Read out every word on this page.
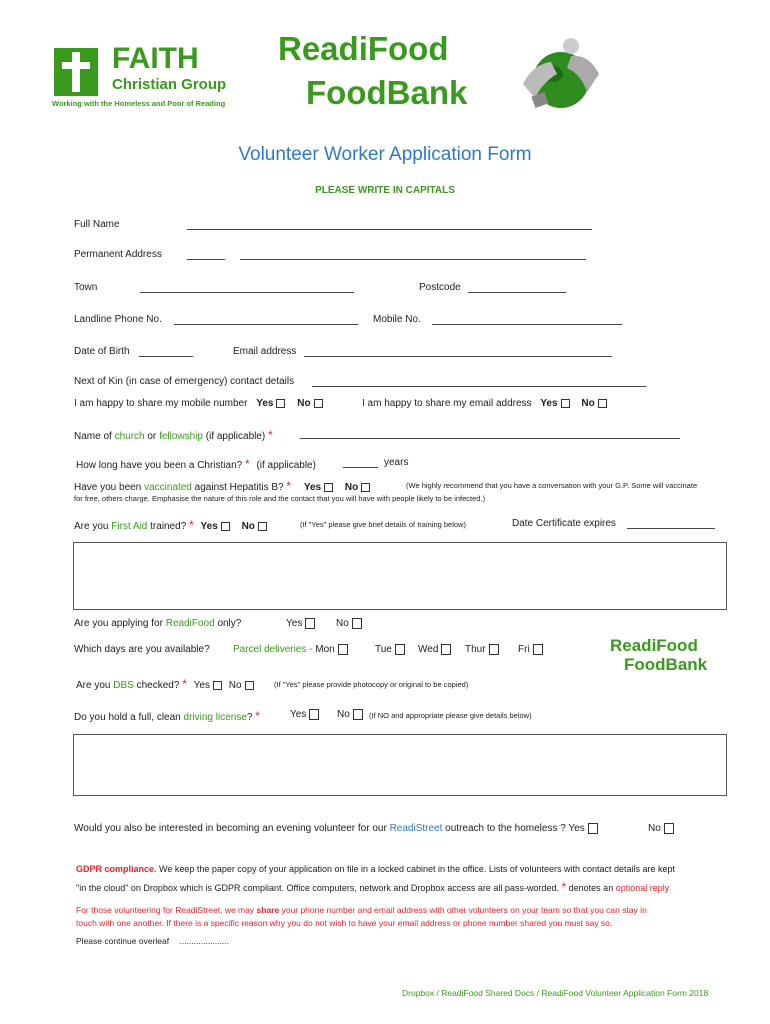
FAITH
Christian Group
Working with the Homeless and Poor of Reading
ReadiFood
FoodBank
Volunteer Worker Application Form
PLEASE WRITE IN CAPITALS
Full Name
Permanent Address
Town	Postcode
Landline Phone No.	Mobile No.
Date of Birth	Email address
Next of Kin (in case of emergency) contact details
I am happy to share my mobile number Yes No	I am happy to share my email address Yes No
Name of church or fellowship (if applicable) *
How long have you been a Christian? * (if applicable)	years
Have you been vaccinated against Hepatitis B? * Yes No	(We highly recommend that you have a conversation with your G.P. Some will vaccinate
for free, others charge. Emphasise the nature of this role and the contact that you will have with people likely to be infected.)
Are you First Aid trained? * Yes No	(If "Yes" please give brief details of training below)	Date Certificate expires
Are you applying for ReadiFood only?	Yes	No
Which days are you available? Parcel deliveries - Mon	Tue	Wed	Thur	Fri	ReadiFood
FoodBank
Are you DBS checked? * Yes No	(If "Yes" please provide photocopy or original to be copied)
Do you hold a full, clean driving license? *	Yes	No	(If NO and appropriate please give details below)
Would you also be interested in becoming an evening volunteer for our ReadiStreet outreach to the homeless ? Yes	No
GDPR compliance. We keep the paper copy of your application on file in a locked cabinet in the office. Lists of volunteers with contact details are kept
"in the cloud" on Dropbox which is GDPR compliant. Office computers, network and Dropbox access are all pass-worded. * denotes an optional reply
For those volunteering for ReadiStreet, we may share your phone number and email address with other volunteers on your team so that you can stay in
touch with one another. If there is a specific reason why you do not wish to have your email address or phone number shared you must say so.
Please continue overleaf .....................
Dropbox / ReadiFood Shared Docs / ReadiFood Volunteer Application Form 2018
